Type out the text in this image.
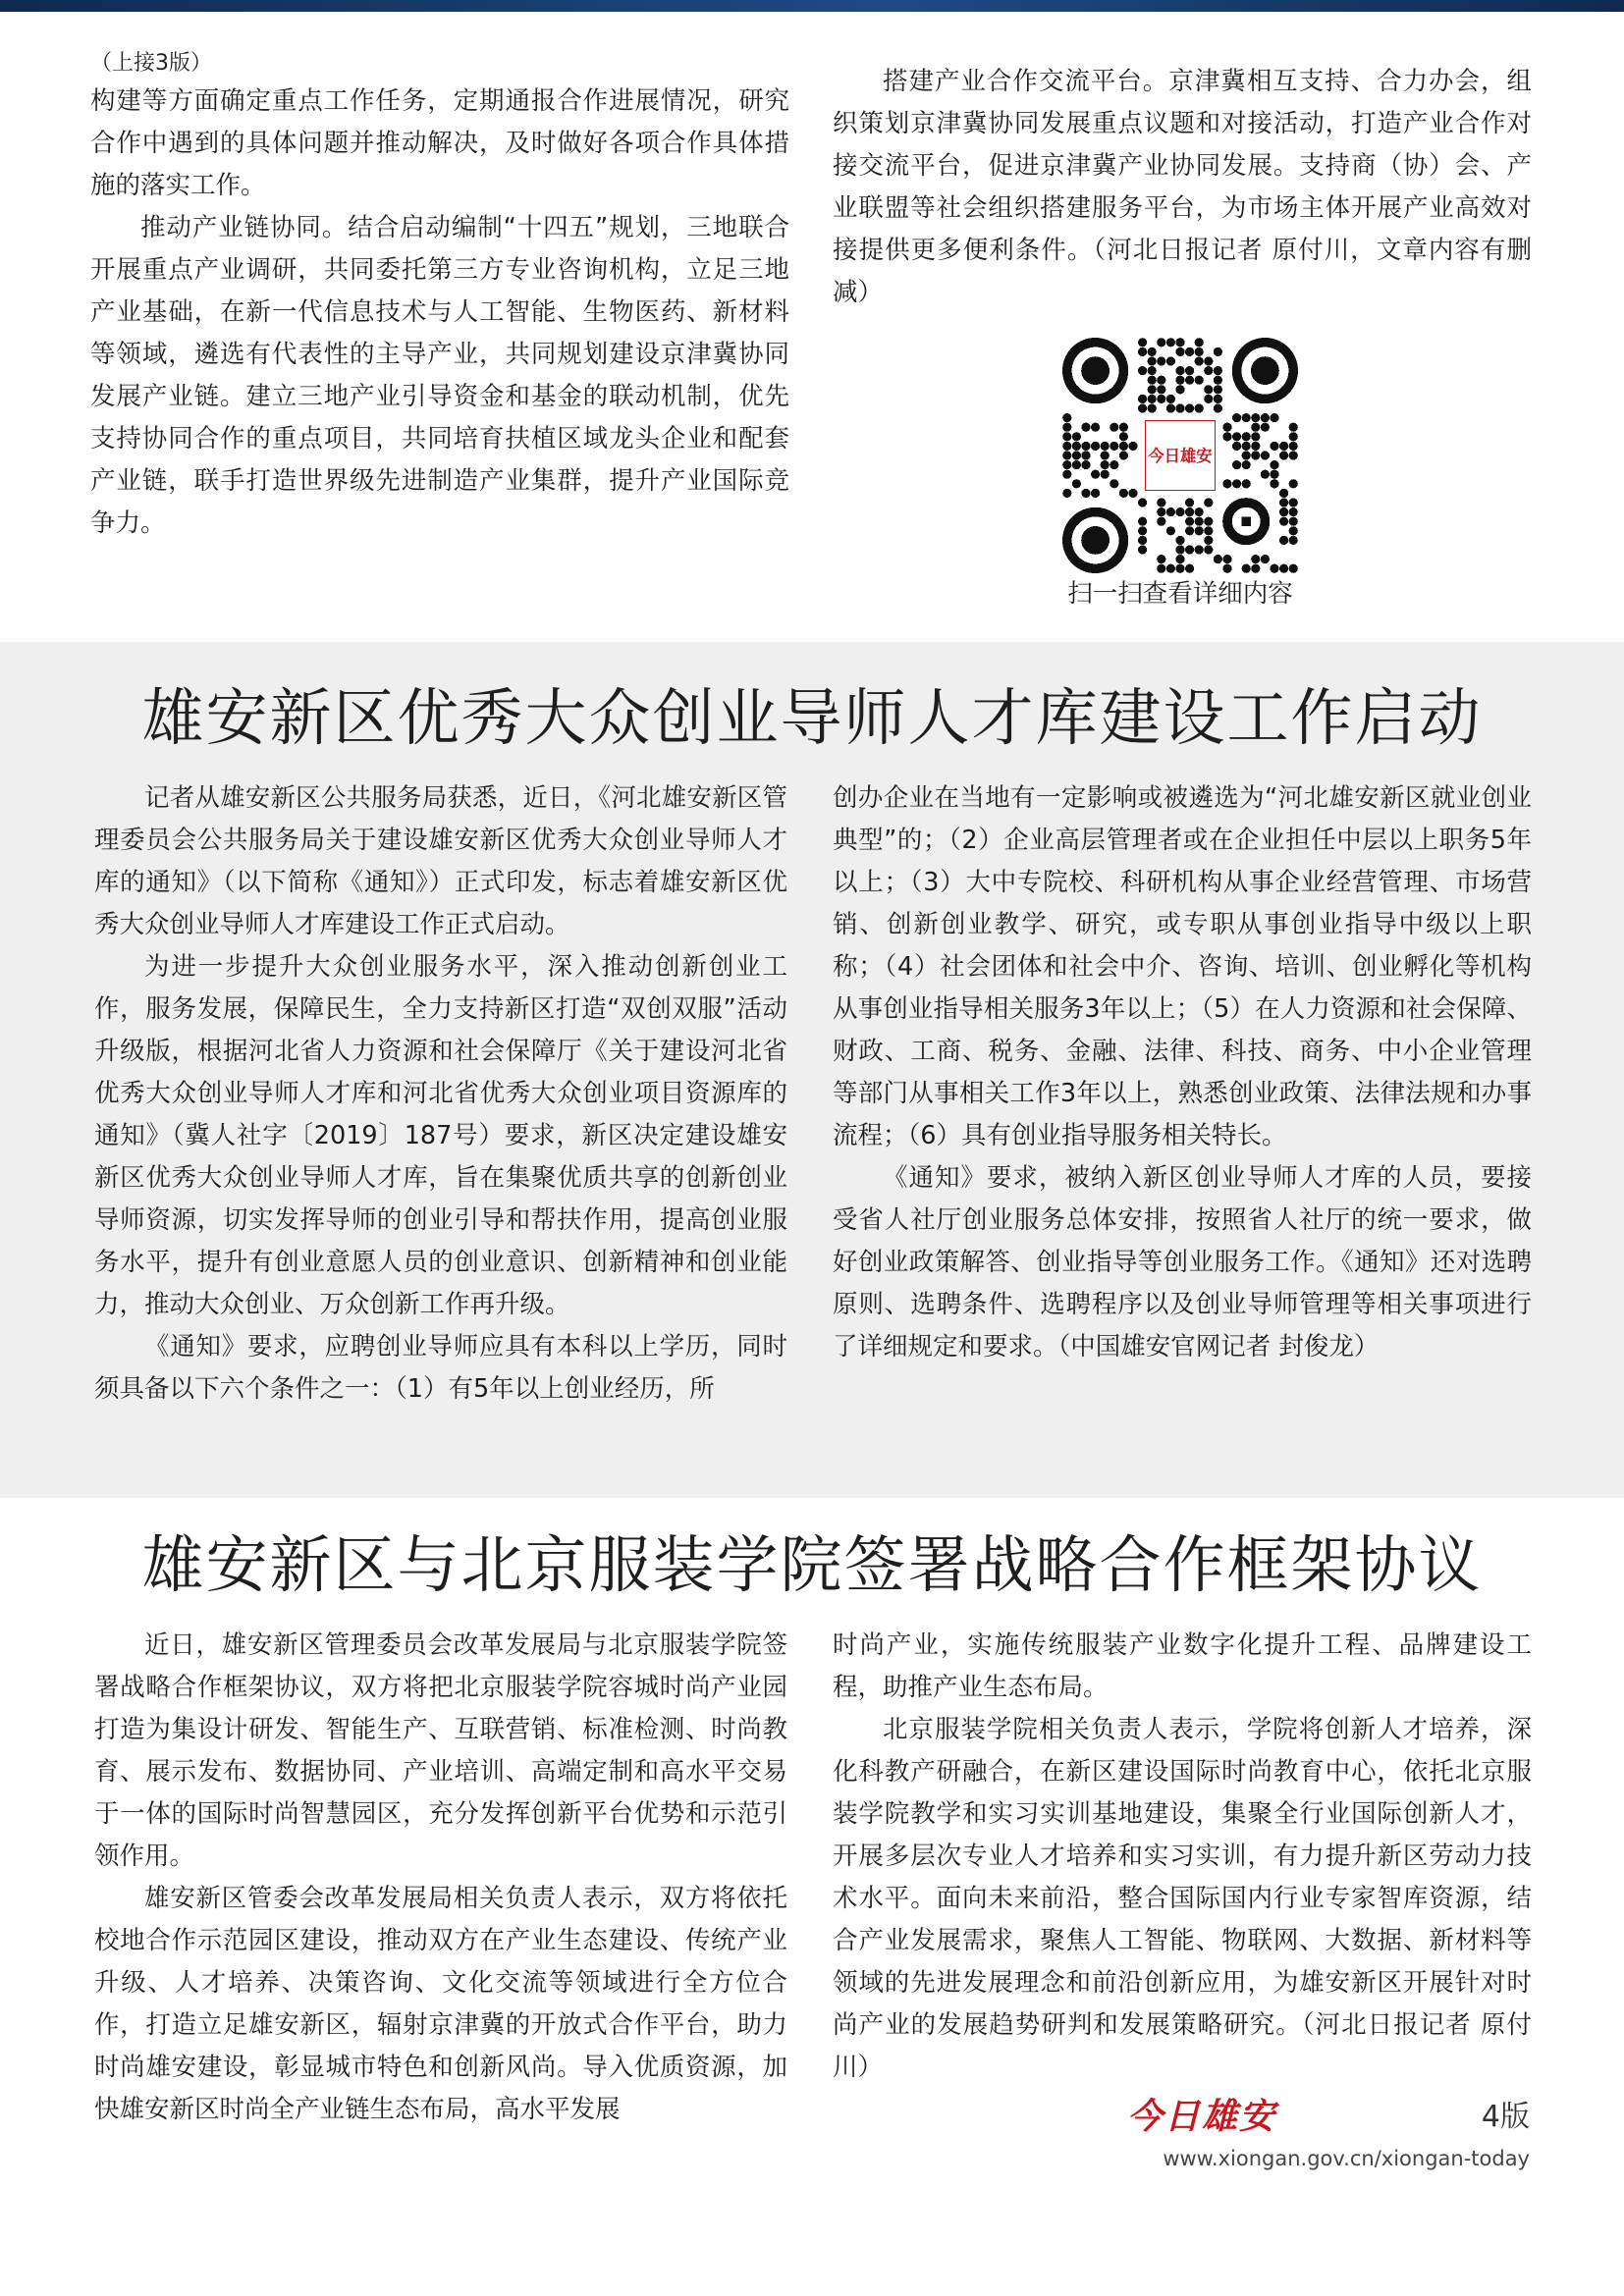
（上接3版）

构建等方面确定重点工作任务，定期通报合作进展情况，研究合作中遇到的具体问题并推动解决，及时做好各项合作具体措施的落实工作。

推动产业链协同。结合启动编制“十四五”规划，三地联合开展重点产业调研，共同委托第三方专业咨询机构，立足三地产业基础，在新一代信息技术与人工智能、生物医药、新材料等领域，遴选有代表性的主导产业，共同规划建设京津冀协同发展产业链。建立三地产业引导资金和基金的联动机制，优先支持协同合作的重点项目，共同培育扶植区域龙头企业和配套产业链，联手打造世界级先进制造产业集群，提升产业国际竞争力。

搭建产业合作交流平台。京津冀相互支持、合力办会，组织策划京津冀协同发展重点议题和对接活动，打造产业合作对接交流平台，促进京津冀产业协同发展。支持商（协）会、产业联盟等社会组织搭建服务平台，为市场主体开展产业高效对接提供更多便利条件。（河北日报记者 原付川，文章内容有删减）

今日雄安
扫一扫查看详细内容
雄安新区优秀大众创业导师人才库建设工作启动

记者从雄安新区公共服务局获悉，近日，《河北雄安新区管理委员会公共服务局关于建设雄安新区优秀大众创业导师人才库的通知》（以下简称《通知》）正式印发，标志着雄安新区优秀大众创业导师人才库建设工作正式启动。

为进一步提升大众创业服务水平，深入推动创新创业工作，服务发展，保障民生，全力支持新区打造“双创双服”活动升级版，根据河北省人力资源和社会保障厅《关于建设河北省优秀大众创业导师人才库和河北省优秀大众创业项目资源库的通知》（冀人社字〔2019〕187号）要求，新区决定建设雄安新区优秀大众创业导师人才库，旨在集聚优质共享的创新创业导师资源，切实发挥导师的创业引导和帮扶作用，提高创业服务水平，提升有创业意愿人员的创业意识、创新精神和创业能力，推动大众创业、万众创新工作再升级。

《通知》要求，应聘创业导师应具有本科以上学历，同时须具备以下六个条件之一：（1）有5年以上创业经历，所

创办企业在当地有一定影响或被遴选为“河北雄安新区就业创业典型”的；（2）企业高层管理者或在企业担任中层以上职务5年以上；（3）大中专院校、科研机构从事企业经营管理、市场营销、创新创业教学、研究，或专职从事创业指导中级以上职称；（4）社会团体和社会中介、咨询、培训、创业孵化等机构从事创业指导相关服务3年以上；（5）在人力资源和社会保障、财政、工商、税务、金融、法律、科技、商务、中小企业管理等部门从事相关工作3年以上，熟悉创业政策、法律法规和办事流程；（6）具有创业指导服务相关特长。

《通知》要求，被纳入新区创业导师人才库的人员，要接受省人社厅创业服务总体安排，按照省人社厅的统一要求，做好创业政策解答、创业指导等创业服务工作。《通知》还对选聘原则、选聘条件、选聘程序以及创业导师管理等相关事项进行了详细规定和要求。（中国雄安官网记者 封俊龙）

雄安新区与北京服装学院签署战略合作框架协议

近日，雄安新区管理委员会改革发展局与北京服装学院签署战略合作框架协议，双方将把北京服装学院容城时尚产业园打造为集设计研发、智能生产、互联营销、标准检测、时尚教育、展示发布、数据协同、产业培训、高端定制和高水平交易于一体的国际时尚智慧园区，充分发挥创新平台优势和示范引领作用。

雄安新区管委会改革发展局相关负责人表示，双方将依托校地合作示范园区建设，推动双方在产业生态建设、传统产业升级、人才培养、决策咨询、文化交流等领域进行全方位合作，打造立足雄安新区，辐射京津冀的开放式合作平台，助力时尚雄安建设，彰显城市特色和创新风尚。导入优质资源，加快雄安新区时尚全产业链生态布局，高水平发展

时尚产业，实施传统服装产业数字化提升工程、品牌建设工程，助推产业生态布局。

北京服装学院相关负责人表示，学院将创新人才培养，深化科教产研融合，在新区建设国际时尚教育中心，依托北京服装学院教学和实习实训基地建设，集聚全行业国际创新人才，开展多层次专业人才培养和实习实训，有力提升新区劳动力技术水平。面向未来前沿，整合国际国内行业专家智库资源，结合产业发展需求，聚焦人工智能、物联网、大数据、新材料等领域的先进发展理念和前沿创新应用，为雄安新区开展针对时尚产业的发展趋势研判和发展策略研究。（河北日报记者 原付川）

今日雄安	4版
www.xiongan.gov.cn/xiongan-today
